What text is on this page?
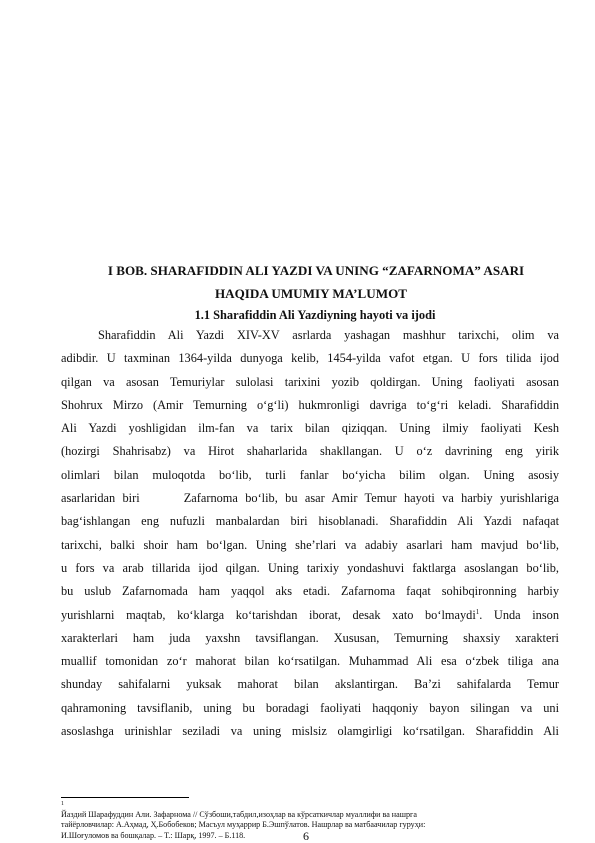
I BOB. SHARAFIDDIN ALI YAZDI VA UNING “ZAFARNOMA” ASARI
HAQIDA UMUMIY MA’LUMOT
1.1 Sharafiddin Ali Yazdiyning hayoti va ijodi
Sharafiddin Ali Yazdi XIV-XV asrlarda yashagan mashhur tarixchi, olim va
adibdir. U taxminan 1364-yilda dunyoga kelib, 1454-yilda vafot etgan. U fors tilida ijod
qilgan va asosan Temuriylar sulolasi tarixini yozib qoldirgan. Uning faoliyati asosan
Shohrux Mirzo (Amir Temurning o‘g‘li) hukmronligi davriga to‘g‘ri keladi. Sharafiddin
Ali Yazdi yoshligidan ilm-fan va tarix bilan qiziqqan. Uning ilmiy faoliyati Kesh
(hozirgi Shahrisabz) va Hirot shaharlarida shakllangan. U o‘z davrining eng yirik
olimlari bilan muloqotda bo‘lib, turli fanlar bo‘yicha bilim olgan. Uning asosiy
asarlaridan biri      Zafarnoma bo‘lib, bu asar Amir Temur hayoti va harbiy yurishlariga
bag‘ishlangan eng nufuzli manbalardan biri hisoblanadi. Sharafiddin Ali Yazdi nafaqat
tarixchi, balki shoir ham bo‘lgan. Uning she’rlari va adabiy asarlari ham mavjud bo‘lib,
u fors va arab tillarida ijod qilgan. Uning tarixiy yondashuvi faktlarga asoslangan bo‘lib,
bu uslub Zafarnomada ham yaqqol aks etadi. Zafarnoma faqat sohibqironning harbiy
yurishlarni maqtab, ko‘klarga ko‘tarishdan iborat, desak xato bo‘lmaydi$^1$. Unda inson
xarakterlari ham juda yaxshn tavsiflangan. Xususan, Temurning shaxsiy xarakteri
muallif tomonidan zo‘r mahorat bilan ko‘rsatilgan. Muhammad Ali esa o‘zbek tiliga ana
shunday sahifalarni yuksak mahorat bilan akslantirgan. Ba’zi sahifalarda Temur
qahramoning tavsiflanib, uning bu boradagi faoliyati haqqoniy bayon silingan va uni
asoslashga urinishlar seziladi va uning mislsiz olamgirligi ko‘rsatilgan. Sharafiddin Ali
1
Йаздий Шарафуддин Али. Зафарнома // Сўзбоши,табдил,изоҳлар ва кўрсаткичлар муаллифи ва нашрга
тайёрловчилар: А.Аҳмад, Ҳ.Бобобеков; Масъул муҳаррир Б.Эшпўлатов. Нашрлар ва матбаачилар гуруҳи:
И.Шоғуломов ва бошқалар. – Т.: Шарқ, 1997. – Б.118.	6
